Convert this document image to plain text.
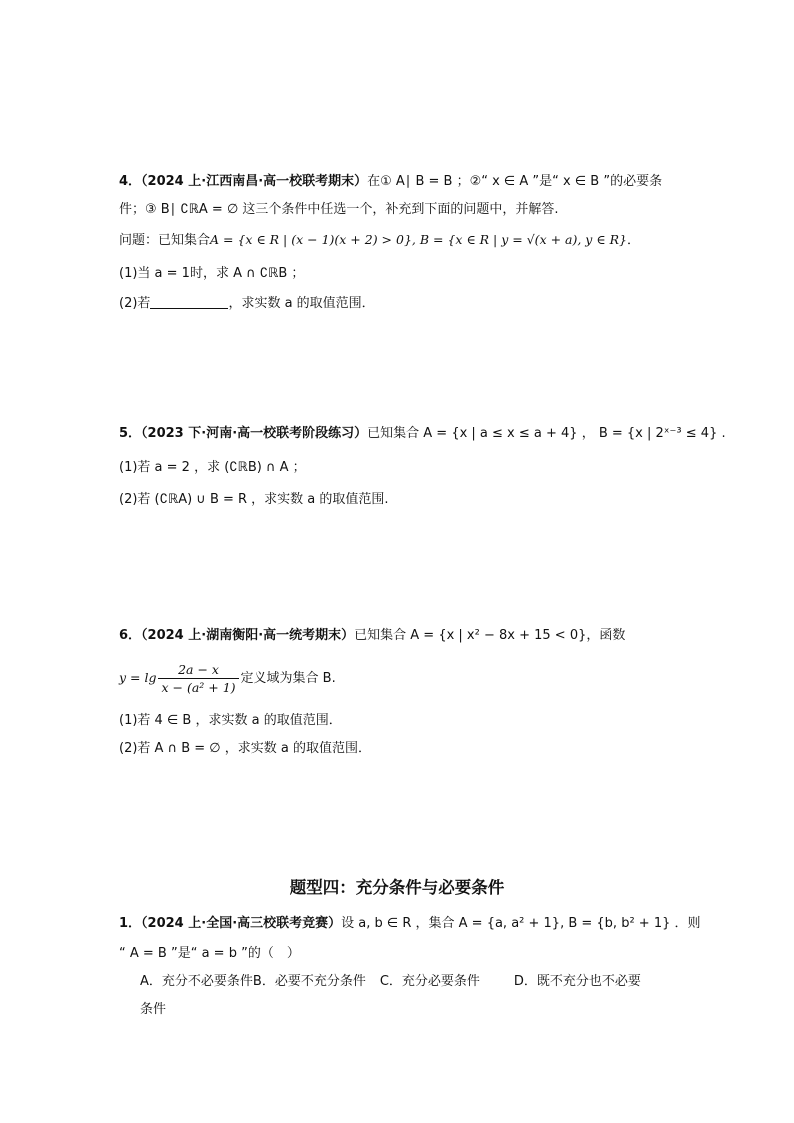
4．（2024 上·江西南昌·高一校联考期末）在① A∣ B = B ；②“ x ∈ A ”是“ x ∈ B ”的必要条
件；③ B∣ ∁ℝA = ∅ 这三个条件中任选一个，补充到下面的问题中，并解答.
问题：已知集合A = {x ∈ R | (x − 1)(x + 2) > 0}, B = {x ∈ R | y = √(x + a), y ∈ R}．
(1)当 a = 1时，求 A ∩ ∁ℝB ；
(2)若	，求实数 a 的取值范围．
5．（2023 下·河南·高一校联考阶段练习）已知集合 A = {x | a ≤ x ≤ a + 4} ， B = {x | 2ˣ⁻³ ≤ 4} .
(1)若 a = 2 ，求 (∁ℝB) ∩ A ；
(2)若 (∁ℝA) ∪ B = R ，求实数 a 的取值范围.
6．（2024 上·湖南衡阳·高一统考期末）已知集合 A = {x | x² − 8x + 15 < 0}，函数
$y = \lg \frac{2a - x}{\text{x − (a² + 1)}}$ 定义域为集合 B.
(1)若 4 ∈ B ，求实数 a 的取值范围．
(2)若 A ∩ B = ∅ ，求实数 a 的取值范围．
题型四：充分条件与必要条件
1．（2024 上·全国·高三校联考竞赛）设 a, b ∈ R ，集合 A = {a, a² + 1}, B = {b, b² + 1} ．则
“ A = B ”是“ a = b ”的（　）
A．充分不必要条件B．必要不充分条件 C．充分必要条件	D．既不充分也不必要
条件
